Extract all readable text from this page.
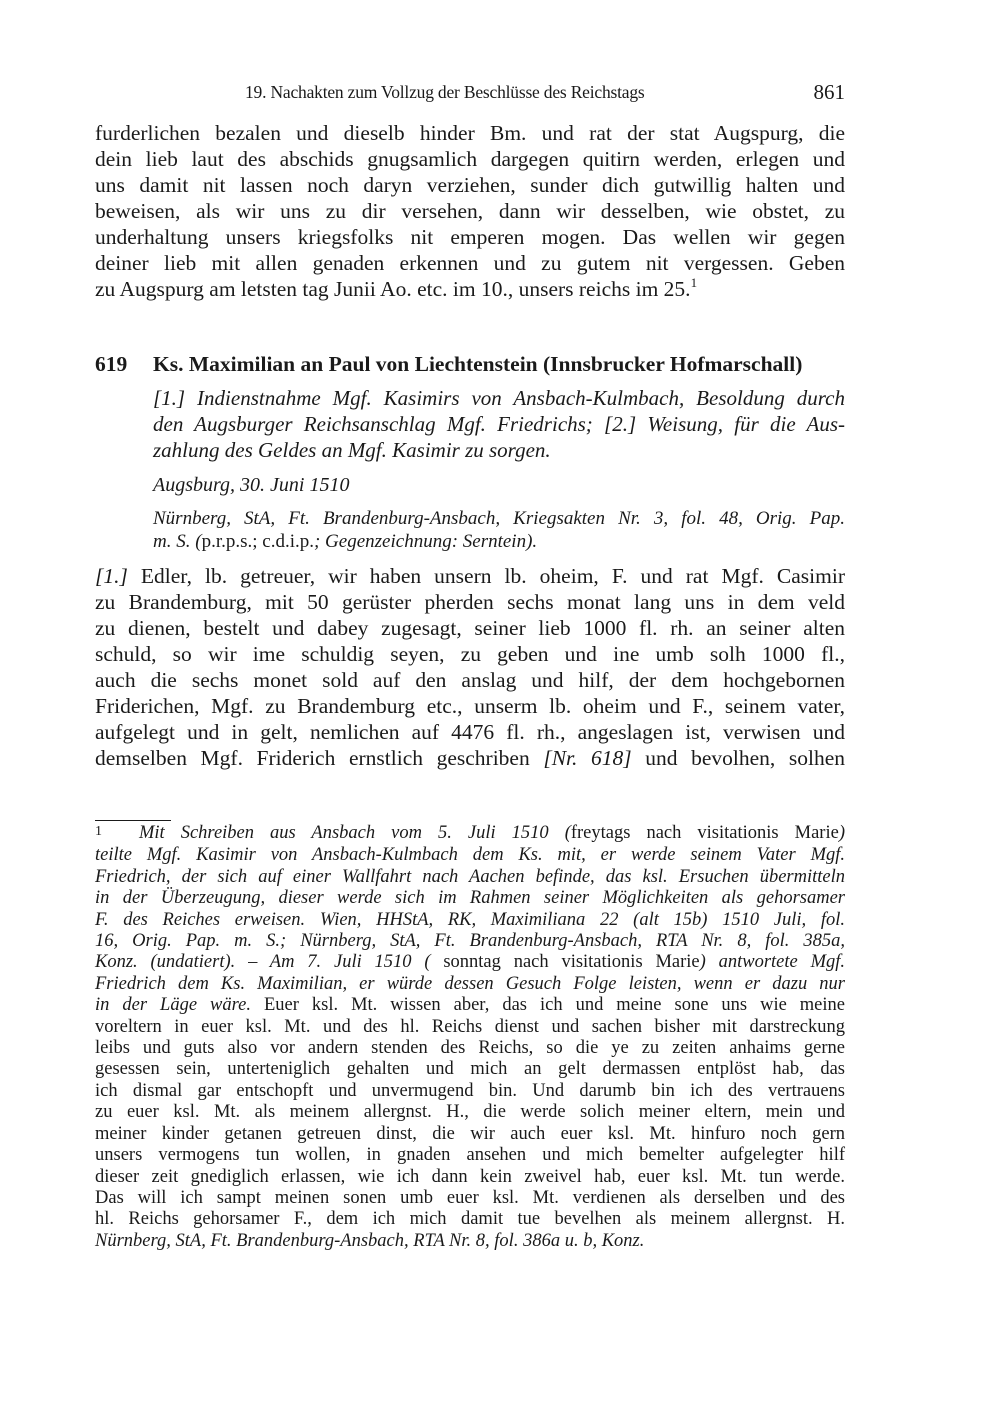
19. Nachakten zum Vollzug der Beschlüsse des Reichstags	861
furderlichen bezalen und dieselb hinder Bm. und rat der stat Augspurg, die
dein lieb laut des abschids gnugsamlich dargegen quitirn werden, erlegen und
uns damit nit lassen noch daryn verziehen, sunder dich gutwillig halten und
beweisen, als wir uns zu dir versehen, dann wir desselben, wie obstet, zu
underhaltung unsers kriegsfolks nit emperen mogen. Das wellen wir gegen
deiner lieb mit allen genaden erkennen und zu gutem nit vergessen. Geben
zu Augspurg am letsten tag Junii Ao. etc. im 10., unsers reichs im 25.$^1$
619 Ks. Maximilian an Paul von Liechtenstein (Innsbrucker Hofmarschall)
[1.] Indienstnahme Mgf. Kasimirs von Ansbach-Kulmbach, Besoldung durch
den Augsburger Reichsanschlag Mgf. Friedrichs; [2.] Weisung, für die Aus-
zahlung des Geldes an Mgf. Kasimir zu sorgen.
Augsburg, 30. Juni 1510
Nürnberg, StA, Ft. Brandenburg-Ansbach, Kriegsakten Nr. 3, fol. 48, Orig. Pap.
m. S. (p.r.p.s.; c.d.i.p.; Gegenzeichnung: Serntein).
[1.] Edler, lb. getreuer, wir haben unsern lb. oheim, F. und rat Mgf. Casimir
zu Brandemburg, mit 50 gerüster pherden sechs monat lang uns in dem veld
zu dienen, bestelt und dabey zugesagt, seiner lieb 1000 fl. rh. an seiner alten
schuld, so wir ime schuldig seyen, zu geben und ine umb solh 1000 fl.,
auch die sechs monet sold auf den anslag und hilf, der dem hochgebornen
Friderichen, Mgf. zu Brandemburg etc., unserm lb. oheim und F., seinem vater,
aufgelegt und in gelt, nemlichen auf 4476 fl. rh., angeslagen ist, verwisen und
demselben Mgf. Friderich ernstlich geschriben [Nr. 618] und bevolhen, solhen
1 Mit Schreiben aus Ansbach vom 5. Juli 1510 (freytags nach visitationis Marie)
teilte Mgf. Kasimir von Ansbach-Kulmbach dem Ks. mit, er werde seinem Vater Mgf.
Friedrich, der sich auf einer Wallfahrt nach Aachen befinde, das ksl. Ersuchen übermitteln
in der Überzeugung, dieser werde sich im Rahmen seiner Möglichkeiten als gehorsamer
F. des Reiches erweisen. Wien, HHStA, RK, Maximiliana 22 (alt 15b) 1510 Juli, fol.
16, Orig. Pap. m. S.; Nürnberg, StA, Ft. Brandenburg-Ansbach, RTA Nr. 8, fol. 385a,
Konz. (undatiert). – Am 7. Juli 1510 ( sonntag nach visitationis Marie) antwortete Mgf.
Friedrich dem Ks. Maximilian, er würde dessen Gesuch Folge leisten, wenn er dazu nur
in der Läge wäre. Euer ksl. Mt. wissen aber, das ich und meine sone uns wie meine
voreltern in euer ksl. Mt. und des hl. Reichs dienst und sachen bisher mit darstreckung
leibs und guts also vor andern stenden des Reichs, so die ye zu zeiten anhaims gerne
gesessen sein, unterteniglich gehalten und mich an gelt dermassen entplöst hab, das
ich dismal gar entschopft und unvermugend bin. Und darumb bin ich des vertrauens
zu euer ksl. Mt. als meinem allergnst. H., die werde solich meiner eltern, mein und
meiner kinder getanen getreuen dinst, die wir auch euer ksl. Mt. hinfuro noch gern
unsers vermogens tun wollen, in gnaden ansehen und mich bemelter aufgelegter hilf
dieser zeit gnediglich erlassen, wie ich dann kein zweivel hab, euer ksl. Mt. tun werde.
Das will ich sampt meinen sonen umb euer ksl. Mt. verdienen als derselben und des
hl. Reichs gehorsamer F., dem ich mich damit tue bevelhen als meinem allergnst. H.
Nürnberg, StA, Ft. Brandenburg-Ansbach, RTA Nr. 8, fol. 386a u. b, Konz.
